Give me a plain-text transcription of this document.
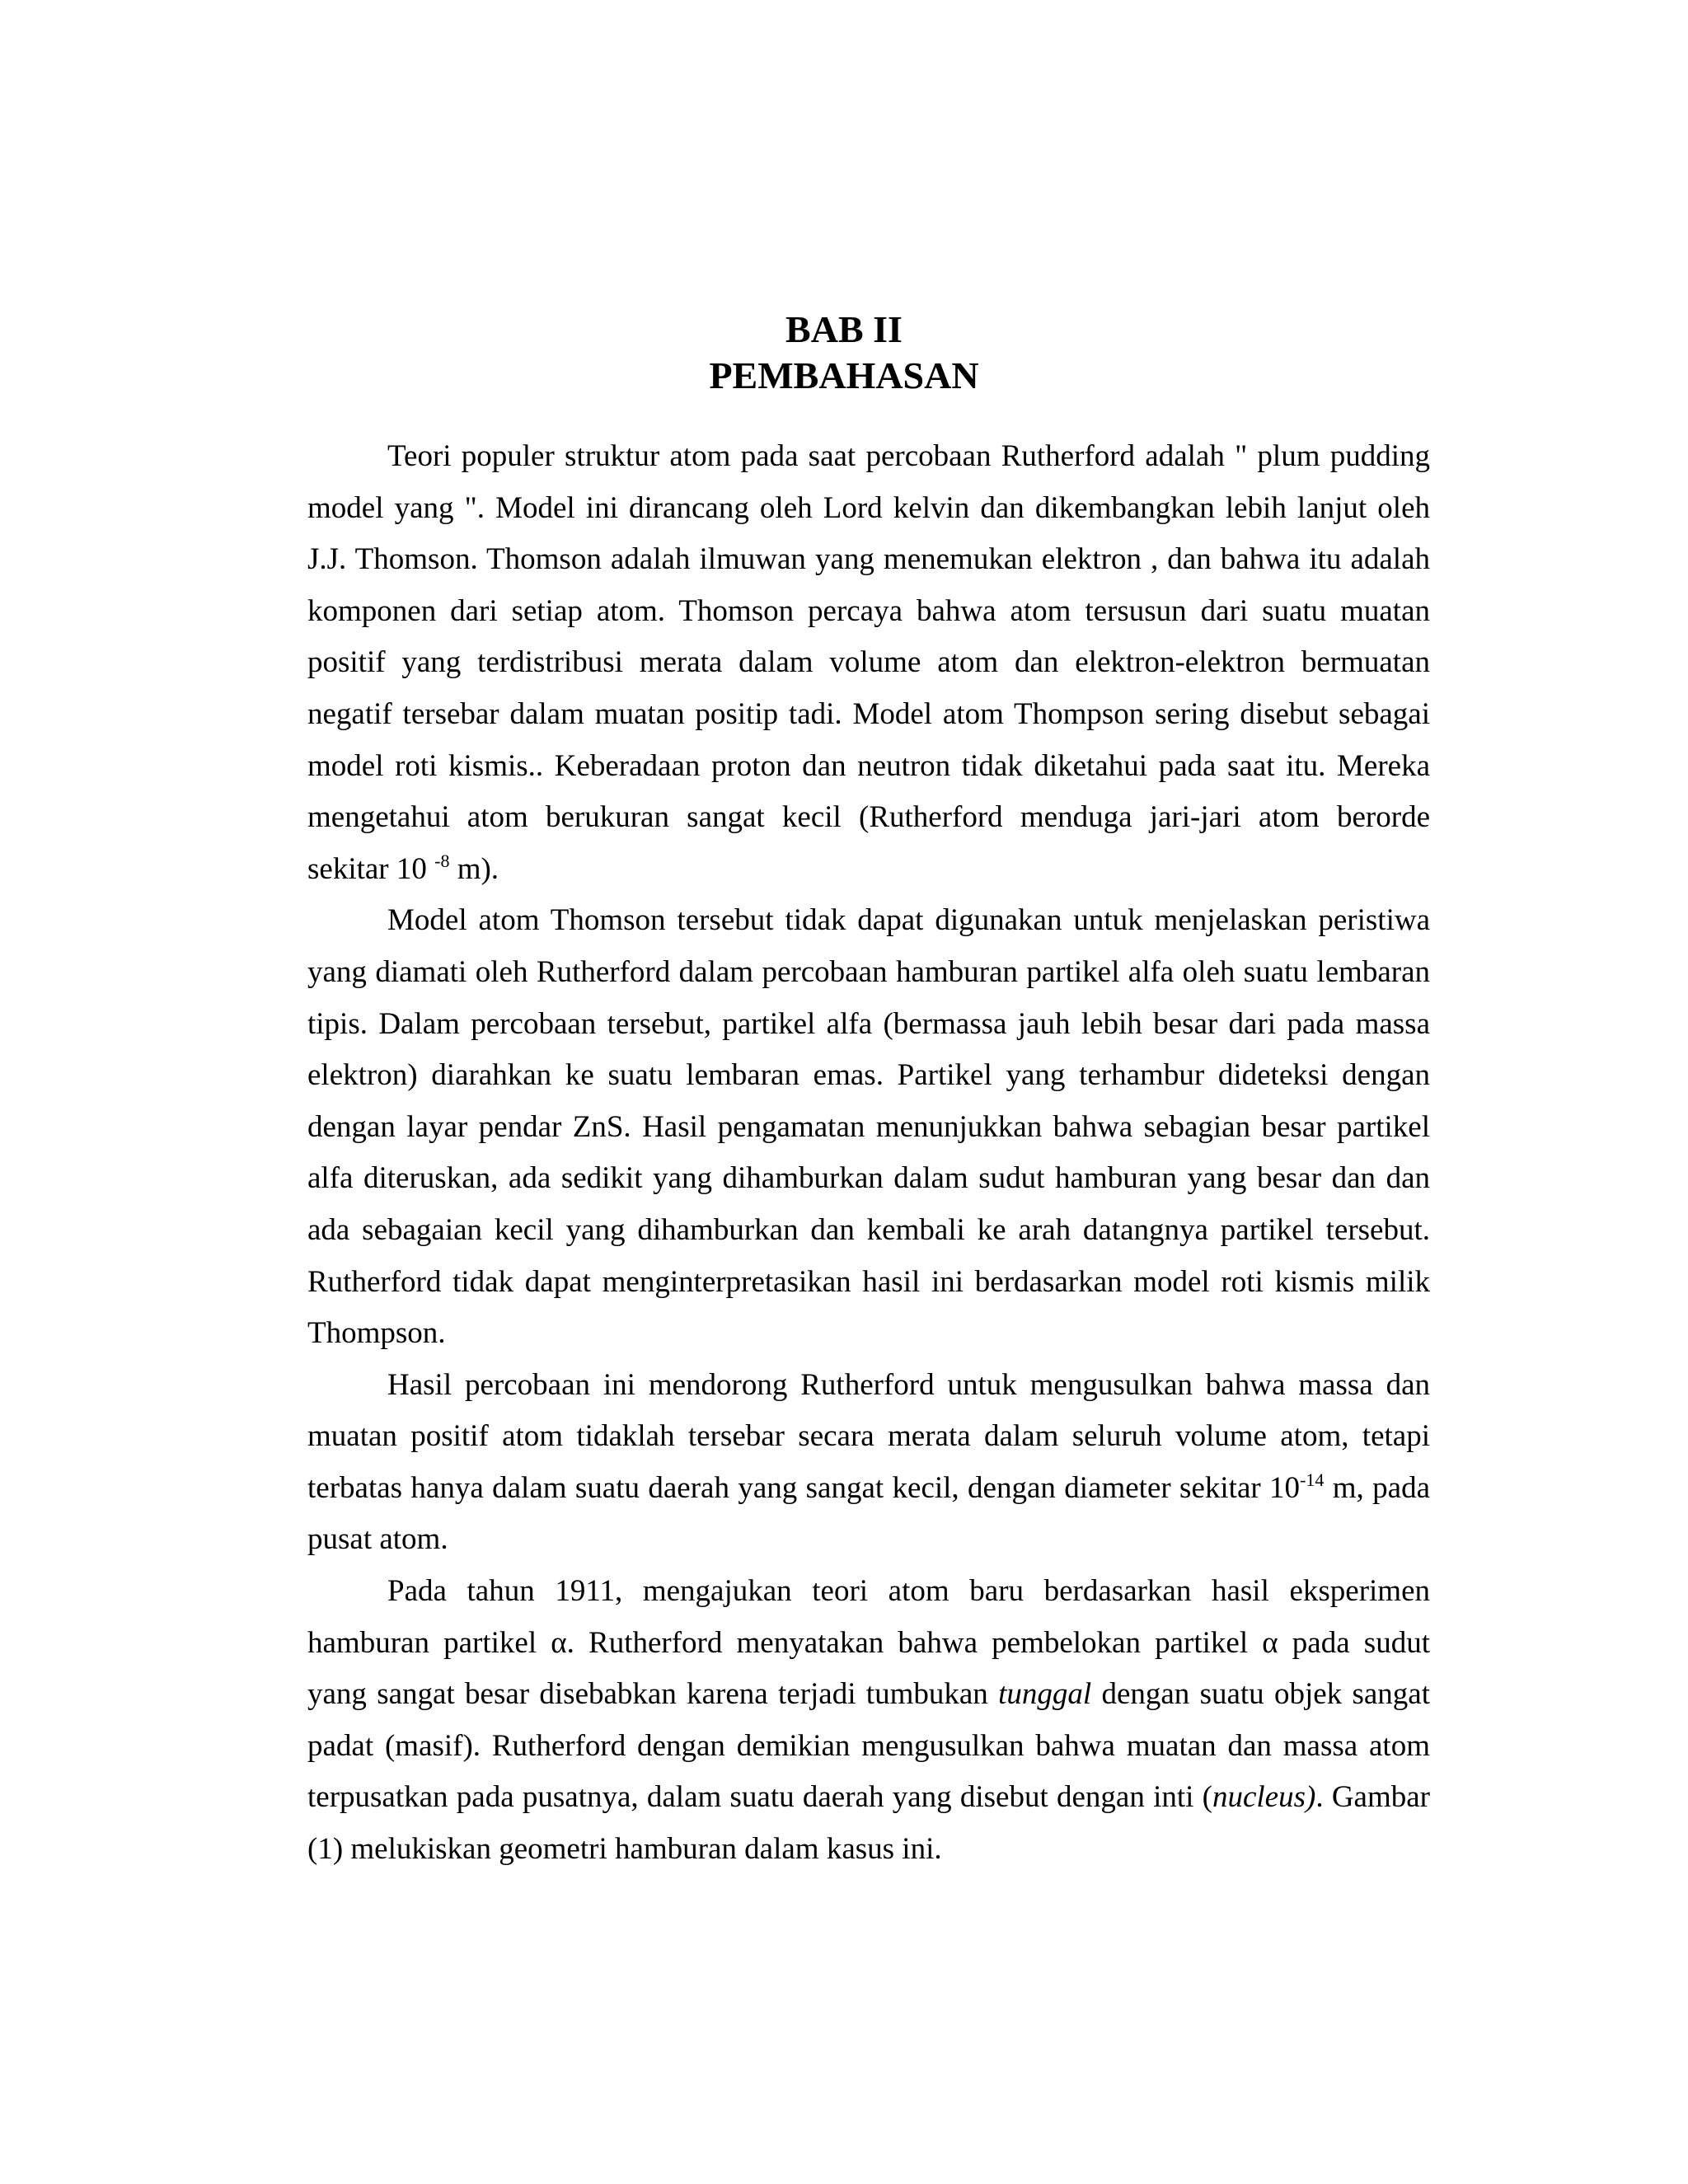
BAB II
PEMBAHASAN

Teori populer struktur atom pada saat percobaan Rutherford adalah " plum pudding model yang ". Model ini dirancang oleh Lord kelvin dan dikembangkan lebih lanjut oleh J.J. Thomson. Thomson adalah ilmuwan yang menemukan elektron , dan bahwa itu adalah komponen dari setiap atom. Thomson percaya bahwa atom tersusun dari suatu muatan positif yang terdistribusi merata dalam volume atom dan elektron-elektron bermuatan negatif tersebar dalam muatan positip tadi. Model atom Thompson sering disebut sebagai model roti kismis.. Keberadaan proton dan neutron tidak diketahui pada saat itu. Mereka mengetahui atom berukuran sangat kecil (Rutherford menduga jari-jari atom berorde sekitar 10 $^{-8}$ m).

Model atom Thomson tersebut tidak dapat digunakan untuk menjelaskan peristiwa yang diamati oleh Rutherford dalam percobaan hamburan partikel alfa oleh suatu lembaran tipis. Dalam percobaan tersebut, partikel alfa (bermassa jauh lebih besar dari pada massa elektron) diarahkan ke suatu lembaran emas. Partikel yang terhambur dideteksi dengan dengan layar pendar ZnS. Hasil pengamatan menunjukkan bahwa sebagian besar partikel alfa diteruskan, ada sedikit yang dihamburkan dalam sudut hamburan yang besar dan dan ada sebagaian kecil yang dihamburkan dan kembali ke arah datangnya partikel tersebut. Rutherford tidak dapat menginterpretasikan hasil ini berdasarkan model roti kismis milik Thompson.

Hasil percobaan ini mendorong Rutherford untuk mengusulkan bahwa massa dan muatan positif atom tidaklah tersebar secara merata dalam seluruh volume atom, tetapi terbatas hanya dalam suatu daerah yang sangat kecil, dengan diameter sekitar $10^{-14}$ m, pada pusat atom.

Pada tahun 1911, mengajukan teori atom baru berdasarkan hasil eksperimen hamburan partikel α. Rutherford menyatakan bahwa pembelokan partikel α pada sudut yang sangat besar disebabkan karena terjadi tumbukan tunggal dengan suatu objek sangat padat (masif). Rutherford dengan demikian mengusulkan bahwa muatan dan massa atom terpusatkan pada pusatnya, dalam suatu daerah yang disebut dengan inti (nucleus). Gambar (1) melukiskan geometri hamburan dalam kasus ini.
